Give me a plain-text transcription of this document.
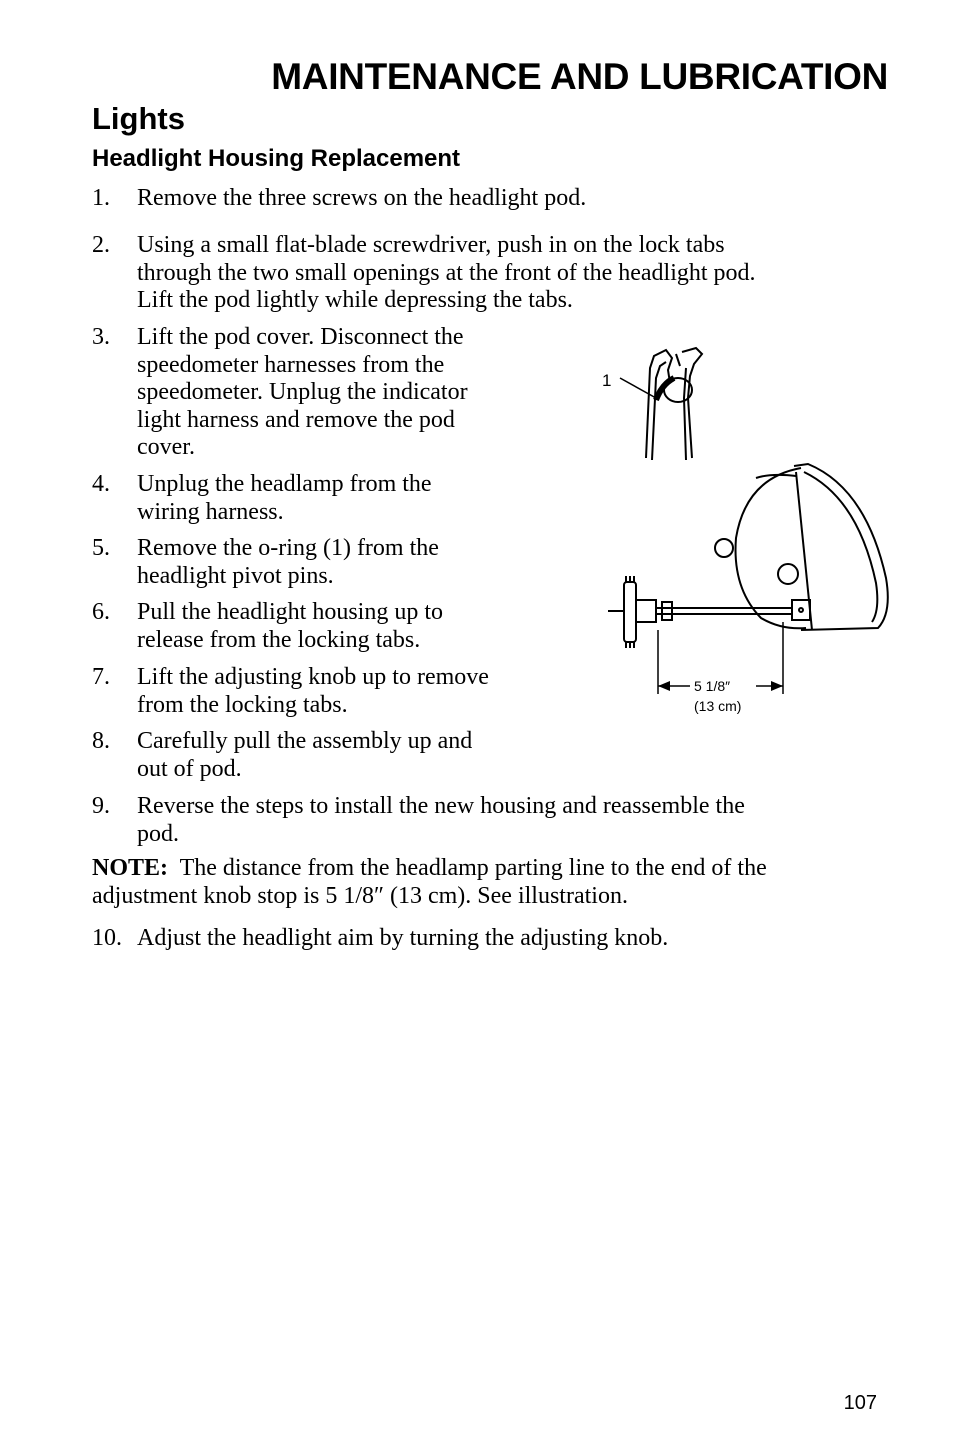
MAINTENANCE AND LUBRICATION
Lights
Headlight Housing Replacement
1.	Remove the three screws on the headlight pod.
2.	Using a small flat-blade screwdriver, push in on the lock tabs
through the two small openings at the front of the headlight pod.
Lift the pod lightly while depressing the tabs.
3.	Lift the pod cover. Disconnect the
speedometer harnesses from the
speedometer. Unplug the indicator
light harness and remove the pod
cover.
4.	Unplug the headlamp from the
wiring harness.
5.	Remove the o-ring (1) from the
headlight pivot pins.
6.	Pull the headlight housing up to
release from the locking tabs.
7.	Lift the adjusting knob up to remove
from the locking tabs.
8.	Carefully pull the assembly up and
out of pod.
9.	Reverse the steps to install the new housing and reassemble the
pod.
NOTE: The distance from the headlamp parting line to the end of the
adjustment knob stop is 5 1/8″ (13 cm). See illustration.
10. Adjust the headlight aim by turning the adjusting knob.
1
5 1/8″
(13 cm)
107
